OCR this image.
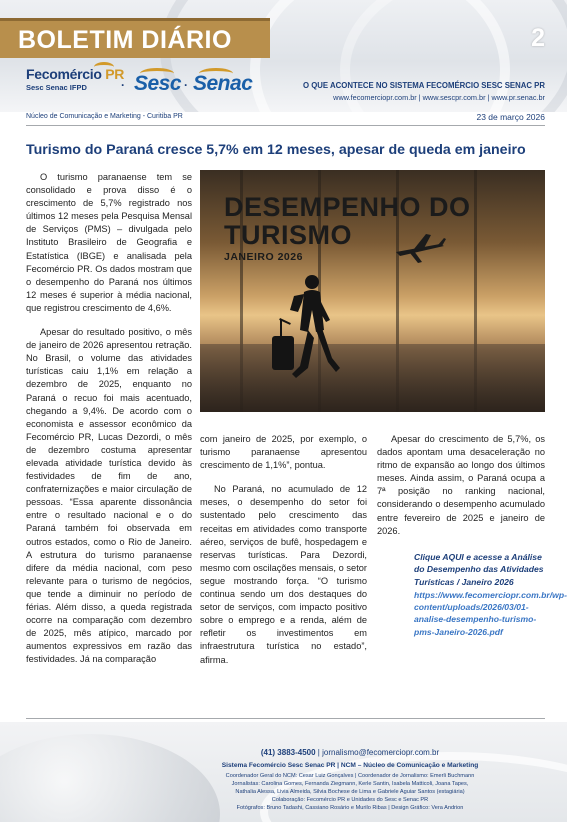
BOLETIM DIÁRIO	2
Fecomércio PR
Sesc Senac IFPD	· Sesc · Senac	O QUE ACONTECE NO SISTEMA FECOMÉRCIO SESC SENAC PR
www.fecomerciopr.com.br | www.sescpr.com.br | www.pr.senac.br
Núcleo de Comunicação e Marketing - Curitiba PR	23 de março 2026
Turismo do Paraná cresce 5,7% em 12 meses, apesar de queda em janeiro
DESEMPENHO DO
TURISMO
JANEIRO 2026

O turismo paranaense tem se consolidado e prova disso é o crescimento de 5,7% registrado nos últimos 12 meses pela Pesquisa Mensal de Serviços (PMS) – divulgada pelo Instituto Brasileiro de Geografia e Estatística (IBGE) e analisada pela Fecomércio PR. Os dados mostram que o desempenho do Paraná nos últimos 12 meses é superior à média nacional, que registrou crescimento de 4,6%.

Apesar do resultado positivo, o mês de janeiro de 2026 apresentou retração. No Brasil, o volume das atividades turísticas caiu 1,1% em relação a dezembro de 2025, enquanto no Paraná o recuo foi mais acentuado, chegando a 9,4%. De acordo com o economista e assessor econômico da Fecomércio PR, Lucas Dezordi, o mês de dezembro costuma apresentar elevada atividade turística devido às festividades de fim de ano, confraternizações e maior circulação de pessoas. “Essa aparente dissonância entre o resultado nacional e o do Paraná também foi observada em outros estados, como o Rio de Janeiro. A estrutura do turismo paranaense difere da média nacional, com peso relevante para o turismo de negócios, que tende a diminuir no período de férias. Além disso, a queda registrada ocorre na comparação com dezembro de 2025, mês atípico, marcado por aumentos expressivos em razão das festividades. Já na comparação

com janeiro de 2025, por exemplo, o turismo paranaense apresentou crescimento de 1,1%”, pontua.

No Paraná, no acumulado de 12 meses, o desempenho do setor foi sustentado pelo crescimento das receitas em atividades como transporte aéreo, serviços de bufê, hospedagem e reservas turísticas. Para Dezordi, mesmo com oscilações mensais, o setor segue mostrando força. “O turismo continua sendo um dos destaques do setor de serviços, com impacto positivo sobre o emprego e a renda, além de refletir os investimentos em infraestrutura turística no estado”, afirma.

Apesar do crescimento de 5,7%, os dados apontam uma desaceleração no ritmo de expansão ao longo dos últimos meses. Ainda assim, o Paraná ocupa a 7ª posição no ranking nacional, considerando o desempenho acumulado entre fevereiro de 2025 e janeiro de 2026.

Clique AQUI e acesse a Análise do Desempenho das Atividades Turísticas / Janeiro 2026
https://www.fecomerciopr.com.br/wp-content/uploads/2026/03/01-analise-desempenho-turismo-pms-Janeiro-2026.pdf
(41) 3883-4500 | jornalismo@fecomerciopr.com.br
Sistema Fecomércio Sesc Senac PR | NCM – Núcleo de Comunicação e Marketing
Coordenador Geral do NCM: Cesar Luiz Gonçalves | Coordenador de Jornalismo: Emerli Buchmann
Jornalistas: Carolina Gomes, Fernanda Ziegmann, Kerle Santin, Isabela Matticoli, Joana Tapes,
Nathalia Alessa, Livia Almeida, Silvia Bochese de Lima e Gabriele Aguiar Santos (estagiária)
Colaboração: Fecomércio PR e Unidades do Sesc e Senac PR
Fotógrafos: Bruno Tadashi, Cassiano Rosário e Murilo Ribas | Design Gráfico: Vera Andrion
